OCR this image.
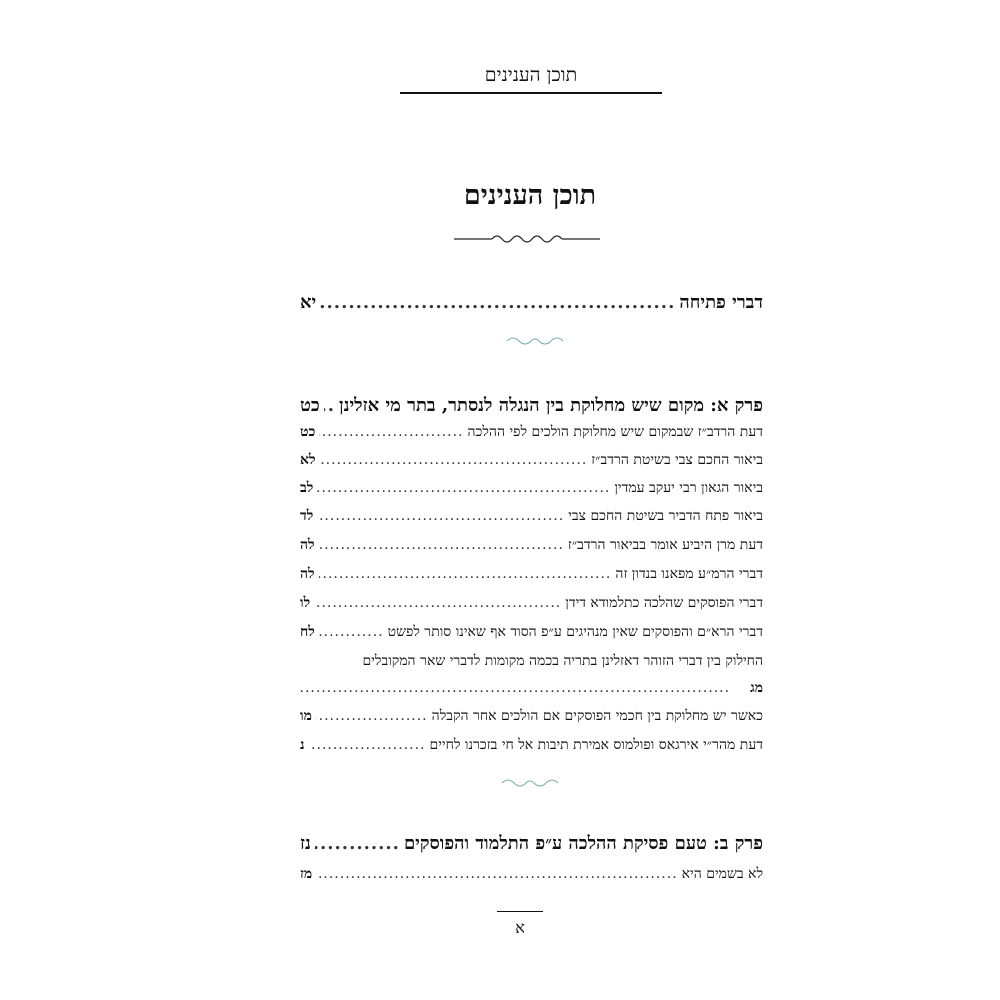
תוכן הענינים
תוכן הענינים
דברי פתיחה
.....
יא
פרק א: מקום שיש מחלוקת בין הנגלה לנסתר, בתר מי אזלינן
.....
כט
דעת הרדב״ז שבמקום שיש מחלוקת הולכים לפי ההלכה
.....
כט
ביאור החכם צבי בשיטת הרדב״ז
.....
לא
ביאור הגאון רבי יעקב עמדין
.....
לב
ביאור פתח הדביר בשיטת החכם צבי
.....
לד
דעת מרן היביע אומר בביאור הרדב״ז
.....
לה
דברי הרמ״ע מפאנו בנדון זה
.....
לה
דברי הפוסקים שהלכה כתלמודא דידן
.....
לו
דברי הרא״ם והפוסקים שאין מנהיגים ע״פ הסוד אף שאינו סותר לפשט
.....
לח
החילוק בין דברי הזוהר דאזלינן בתריה בכמה מקומות לדברי שאר המקובלים
מג
.....
כאשר יש מחלוקת בין חכמי הפוסקים אם הולכים אחר הקבלה
.....
מו
דעת מהר״י אירגאס ופולמוס אמירת תיבות אל חי בזכרנו לחיים
.....
נ
פרק ב: טעם פסיקת ההלכה ע״פ התלמוד והפוסקים
.....
נז
לא בשמים היא
.....
מז
א
